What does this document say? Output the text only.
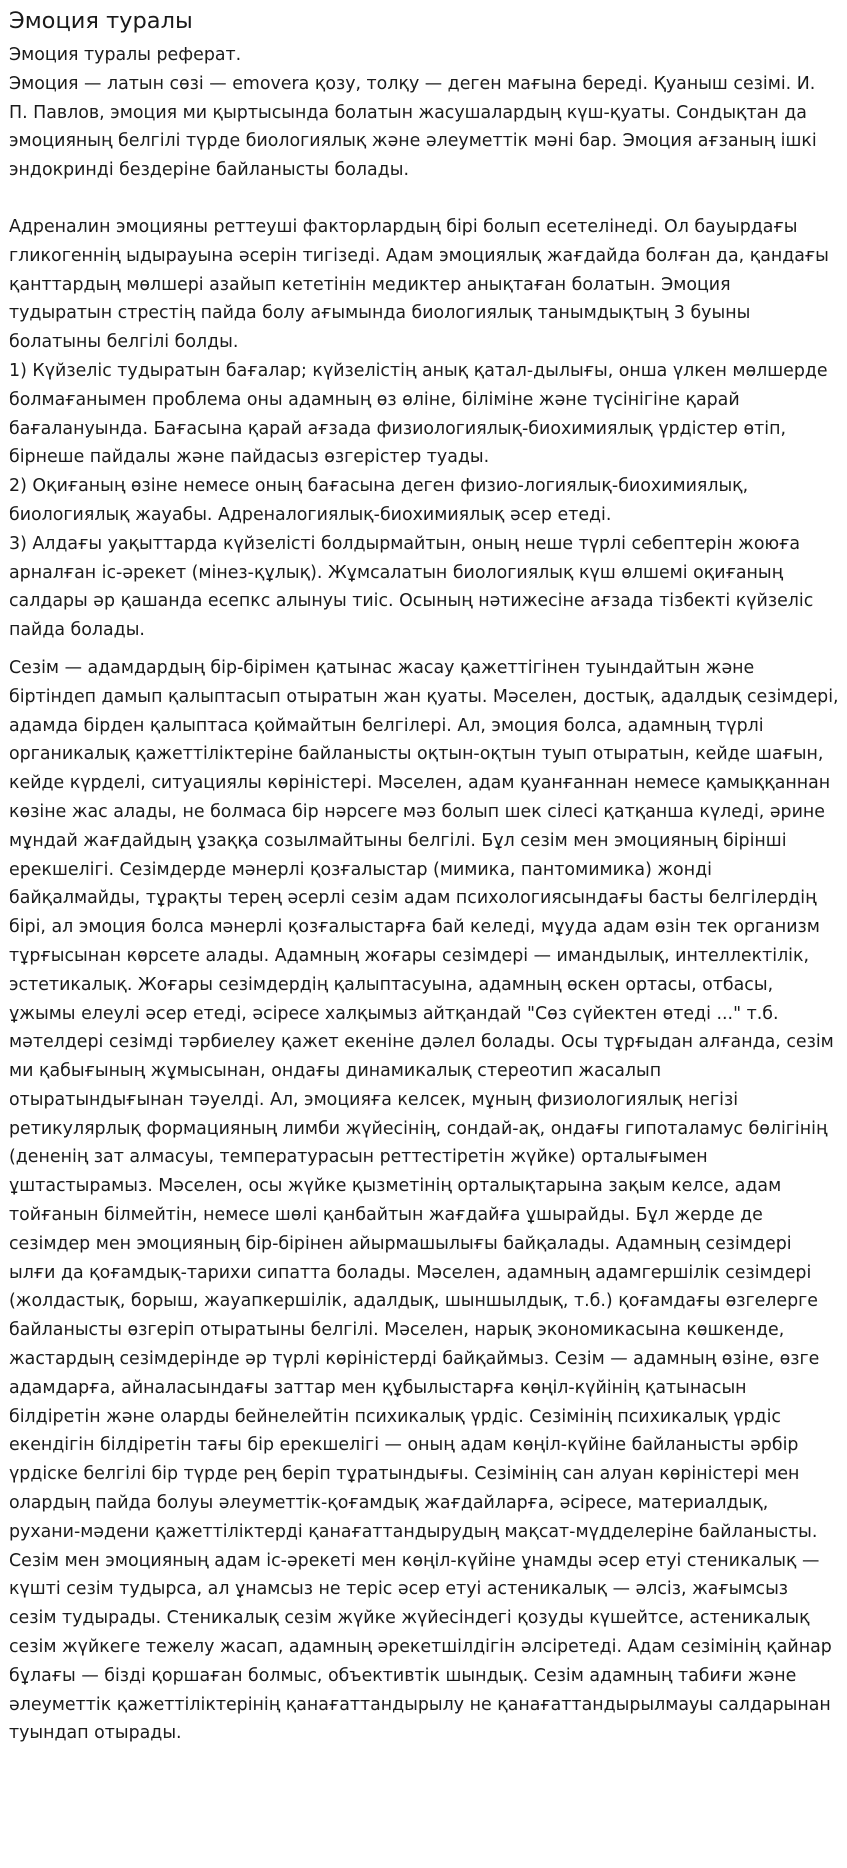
Эмоция туралы

Эмоция туралы реферат.

Эмоция — латын сөзі — emovera қозу, толқу — деген мағына береді. Қуаныш сезімі. И. П. Павлов, эмоция ми қыртысында болатын жасушалардың күш-қуаты. Сондықтан да эмоцияның белгілі түрде биологиялық және әлеуметтік мәні бар. Эмоция ағзаның ішкі эндокринді бездеріне байланысты болады.

Адреналин эмоцияны реттеуші факторлардың бірі болып есетелінеді. Ол бауырдағы гликогеннің ыдырауына әсерін тигізеді. Адам эмоциялық жағдайда болған да, қандағы қанттардың мөлшері азайып кететінін медиктер анықтаған болатын. Эмоция тудыратын стрестің пайда болу ағымында биологиялық танымдықтың 3 буыны болатыны белгілі болды.

1) Күйзеліс тудыратын бағалар; күйзелістің анық қатал-дылығы, онша үлкен мөлшерде болмағанымен проблема оны адамның өз өліне, біліміне және түсінігіне қарай бағалануында. Бағасына қарай ағзада физиологиялық-биохимиялық үрдістер өтіп, бірнеше пайдалы және пайдасыз өзгерістер туады.

2) Оқиғаның өзіне немесе оның бағасына деген физио-логиялық-биохимиялық, биологиялық жауабы. Адреналогиялық-биохимиялық әсер етеді.

3) Алдағы уақыттарда күйзелісті болдырмайтын, оның неше түрлі себептерін жоюға арналған іс-әрекет (мінез-құлық). Жұмсалатын биологиялық күш өлшемі оқиғаның салдары әр қашанда есепкс алынуы тиіс. Осының нәтижесіне ағзада тізбекті күйзеліс пайда болады.

Сезім — адамдардың бір-бірімен қатынас жасау қажеттігінен туындайтын және біртіндеп дамып қалыптасып отыратын жан қуаты. Мәселен, достық, адалдық сезімдері, адамда бірден қалыптаса қоймайтын белгілері. Ал, эмоция болса, адамның түрлі органикалық қажеттіліктеріне байланысты оқтын-оқтын туып отыратын, кейде шағын, кейде күрделі, ситуациялы көріністері. Мәселен, адам қуанғаннан немесе қамыққаннан көзіне жас алады, не болмаса бір нәрсеге мәз болып шек сілесі қатқанша күледі, әрине мұндай жағдайдың ұзаққа созылмайтыны белгілі. Бұл сезім мен эмоцияның бірінші ерекшелігі. Сезімдерде мәнерлі қозғалыстар (мимика, пантомимика) жонді байқалмайды, тұрақты терең әсерлі сезім адам психологиясындағы басты белгілердің бірі, ал эмоция болса мәнерлі қозғалыстарға бай келеді, мұуда адам өзін тек организм тұрғысынан көрсете алады. Адамның жоғары сезімдері — имандылық, интеллектілік, эстетикалық. Жоғары сезімдердің қалыптасуына, адамның өскен ортасы, отбасы, ұжымы елеулі әсер етеді, әсіресе халқымыз айтқандай "Сөз сүйектен өтеді ..." т.б. мәтелдері сезімді тәрбиелеу қажет екеніне дәлел болады. Осы тұрғыдан алғанда, сезім ми қабығының жұмысынан, ондағы динамикалық стереотип жасалып отыратындығынан тәуелді. Ал, эмоцияға келсек, мұның физиологиялық негізі ретикулярлық формацияның лимби жүйесінің, сондай-ақ, ондағы гипоталамус бөлігінің (дененің зат алмасуы, температурасын реттестіретін жүйке) орталығымен ұштастырамыз. Мәселен, осы жүйке қызметінің орталықтарына зақым келсе, адам тойғанын білмейтін, немесе шөлі қанбайтын жағдайға ұшырайды. Бұл жерде де сезімдер мен эмоцияның бір-бірінен айырмашылығы байқалады. Адамның сезімдері ылғи да қоғамдық-тарихи сипатта болады. Мәселен, адамның адамгершілік сезімдері (жолдастық, борыш, жауапкершілік, адалдық, шыншылдық, т.б.) қоғамдағы өзгелерге байланысты өзгеріп отыратыны белгілі. Мәселен, нарық экономикасына көшкенде, жастардың сезімдерінде әр түрлі көріністерді байқаймыз. Сезім — адамның өзіне, өзге адамдарға, айналасындағы заттар мен құбылыстарға көңіл-күйінің қатынасын білдіретін және оларды бейнелейтін психикалық үрдіс. Сезімінің психикалық үрдіс екендігін білдіретін тағы бір ерекшелігі — оның адам көңіл-күйіне байланысты әрбір үрдіске белгілі бір түрде рең беріп тұратындығы. Сезімінің сан алуан көріністері мен олардың пайда болуы әлеуметтік-қоғамдық жағдайларға, әсіресе, материалдық, рухани-мәдени қажеттіліктерді қанағаттандырудың мақсат-мүдделеріне байланысты. Сезім мен эмоцияның адам іс-әрекеті мен көңіл-күйіне ұнамды әсер етуі стеникалық — күшті сезім тудырса, ал ұнамсыз не теріс әсер етуі астеникалық — әлсіз, жағымсыз сезім тудырады. Стеникалық сезім жүйке жүйесіндегі қозуды күшейтсе, астеникалық сезім жүйкеге тежелу жасап, адамның әрекетшілдігін әлсіретеді. Адам сезімінің қайнар бұлағы — бізді қоршаған болмыс, объективтік шындық. Сезім адамның табиғи және әлеуметтік қажеттіліктерінің қанағаттандырылу не қанағаттандырылмауы салдарынан туындап отырады.
